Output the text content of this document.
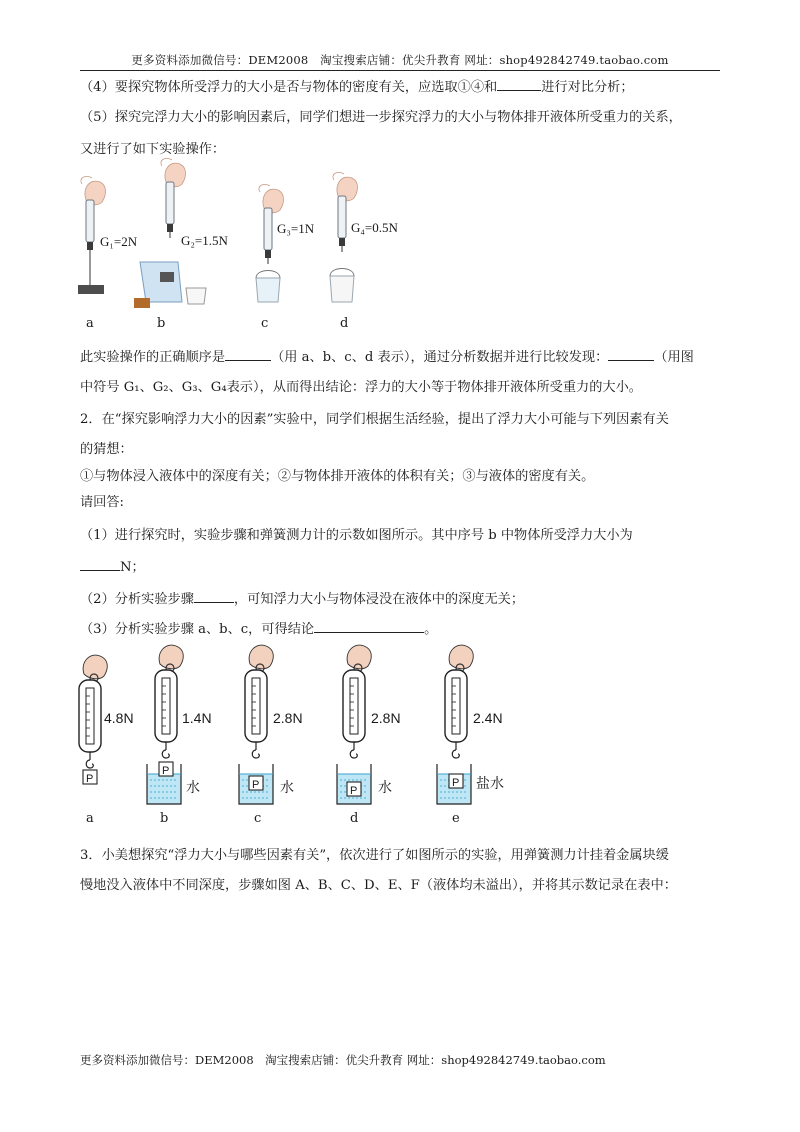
更多资料添加微信号：DEM2008　淘宝搜索店铺：优尖升教育 网址：shop492842749.taobao.com
（4）要探究物体所受浮力的大小是否与物体的密度有关，应选取①④和	进行对比分析；
（5）探究完浮力大小的影响因素后，同学们想进一步探究浮力的大小与物体排开液体所受重力的关系，
又进行了如下实验操作：
G₁=2N	G₂=1.5N
G₃=1N	G₄=0.5N
a	b	c	d
此实验操作的正确顺序是	（用 a、b、c、d 表示），通过分析数据并进行比较发现：	（用图
中符号 G₁、G₂、G₃、G₄表示），从而得出结论：浮力的大小等于物体排开液体所受重力的大小。
2．在“探究影响浮力大小的因素”实验中，同学们根据生活经验，提出了浮力大小可能与下列因素有关
的猜想：
①与物体浸入液体中的深度有关；②与物体排开液体的体积有关；③与液体的密度有关。
请回答:
（1）进行探究时，实验步骤和弹簧测力计的示数如图所示。其中序号 b 中物体所受浮力大小为
N；
（2）分析实验步骤	，可知浮力大小与物体浸没在液体中的深度无关；
（3）分析实验步骤 a、b、c，可得结论	。
P
P
P	P
P
4.8N	1.4N	2.8N	2.8N	2.4N
水	水	水	盐水
a	b	c	d	e
3．小美想探究“浮力大小与哪些因素有关”，依次进行了如图所示的实验，用弹簧测力计挂着金属块缓
慢地没入液体中不同深度，步骤如图 A、B、C、D、E、F（液体均未溢出），并将其示数记录在表中：
更多资料添加微信号：DEM2008　淘宝搜索店铺：优尖升教育 网址：shop492842749.taobao.com
